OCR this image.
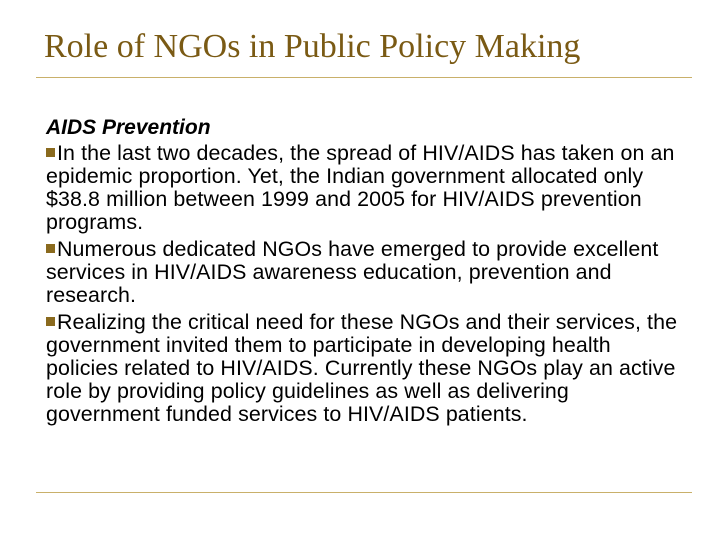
Role of NGOs in Public Policy Making
AIDS Prevention

In the last two decades, the spread of HIV/AIDS has taken on an epidemic proportion. Yet, the Indian government allocated only $38.8 million between 1999 and 2005 for HIV/AIDS prevention programs.

Numerous dedicated NGOs have emerged to provide excellent services in HIV/AIDS awareness education, prevention and research.

Realizing the critical need for these NGOs and their services, the government invited them to participate in developing health policies related to HIV/AIDS. Currently these NGOs play an active role by providing policy guidelines as well as delivering government funded services to HIV/AIDS patients.
